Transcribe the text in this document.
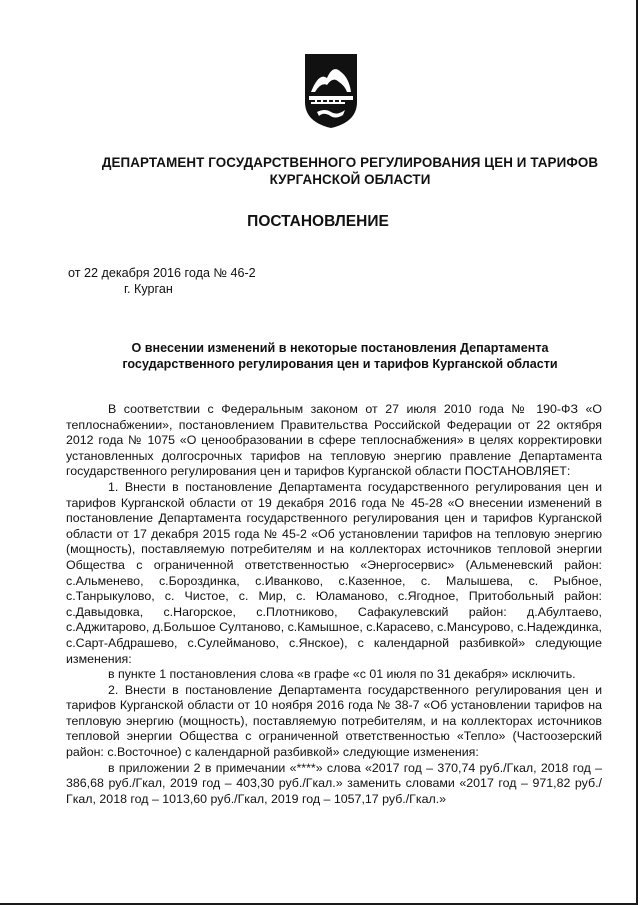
ДЕПАРТАМЕНТ ГОСУДАРСТВЕННОГО РЕГУЛИРОВАНИЯ ЦЕН И ТАРИФОВ КУРГАНСКОЙ ОБЛАСТИ
ПОСТАНОВЛЕНИЕ
от 22 декабря 2016 года № 46-2
г. Курган
О внесении изменений в некоторые постановления Департамента государственного регулирования цен и тарифов Курганской области

В соответствии с Федеральным законом от 27 июля 2010 года № 190-ФЗ «О теплоснабжении», постановлением Правительства Российской Федерации от 22 октября 2012 года № 1075 «О ценообразовании в сфере теплоснабжения» в целях корректировки установленных долгосрочных тарифов на тепловую энергию правление Департамента государственного регулирования цен и тарифов Курганской области ПОСТАНОВЛЯЕТ:

1. Внести в постановление Департамента государственного регулирования цен и тарифов Курганской области от 19 декабря 2016 года № 45-28 «О внесении изменений в постановление Департамента государственного регулирования цен и тарифов Курганской области от 17 декабря 2015 года № 45-2 «Об установлении тарифов на тепловую энергию (мощность), поставляемую потребителям и на коллекторах источников тепловой энергии Общества с ограниченной ответственностью «Энергосервис» (Альменевский район: с.Альменево, с.Бороздинка, с.Иванково, с.Казенное, с. Малышева, с. Рыбное, с.Танрыкулово, с. Чистое, с. Мир, с. Юламаново, с.Ягодное, Притобольный район: с.Давыдовка, с.Нагорское, с.Плотниково, Сафакулевский район: д.Абултаево, с.Аджитарово, д.Большое Султаново, с.Камышное, с.Карасево, с.Мансурово, с.Надеждинка, с.Сарт-Абдрашево, с.Сулейманово, с.Янское), с календарной разбивкой» следующие изменения:

в пункте 1 постановления слова «в графе «с 01 июля по 31 декабря» исключить.

2. Внести в постановление Департамента государственного регулирования цен и тарифов Курганской области от 10 ноября 2016 года № 38-7 «Об установлении тарифов на тепловую энергию (мощность), поставляемую потребителям, и на коллекторах источников тепловой энергии Общества с ограниченной ответственностью «Тепло» (Частоозерский район: с.Восточное) с календарной разбивкой» следующие изменения:

в приложении 2 в примечании «****» слова «2017 год – 370,74 руб./Гкал, 2018 год – 386,68 руб./Гкал, 2019 год – 403,30 руб./Гкал.» заменить словами «2017 год – 971,82 руб./Гкал, 2018 год – 1013,60 руб./Гкал, 2019 год – 1057,17 руб./Гкал.»
